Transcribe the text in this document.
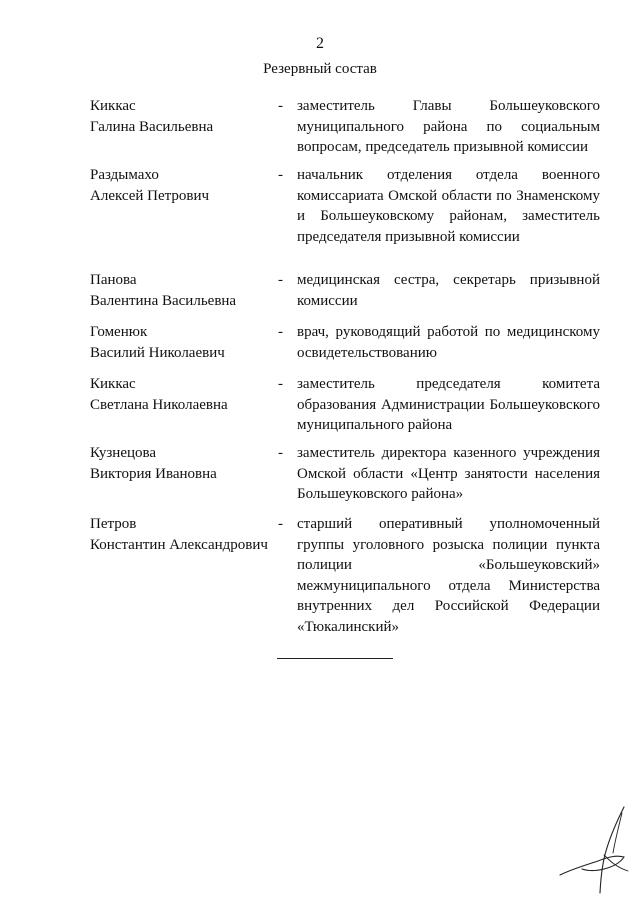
2
Резервный состав
Киккас
Галина Васильевна
- заместитель Главы Большеуковского муниципального района по социальным вопросам, председатель призывной комиссии
Раздымахо
Алексей Петрович
- начальник отделения отдела военного комиссариата Омской области по Знаменскому и Большеуковскому районам, заместитель председателя призывной комиссии
Панова
Валентина Васильевна
- медицинская сестра, секретарь призывной комиссии
Гоменюк
Василий Николаевич
- врач, руководящий работой по медицинскому освидетельствованию
Киккас
Светлана Николаевна
- заместитель председателя комитета образования Администрации Большеуковского муниципального района
Кузнецова
Виктория Ивановна
- заместитель директора казенного учреждения Омской области «Центр занятости населения Большеуковского района»
Петров
Константин Александрович
- старший оперативный уполномоченный группы уголовного розыска полиции пункта полиции «Большеуковский» межмуниципального отдела Министерства внутренних дел Российской Федерации «Тюкалинский»
